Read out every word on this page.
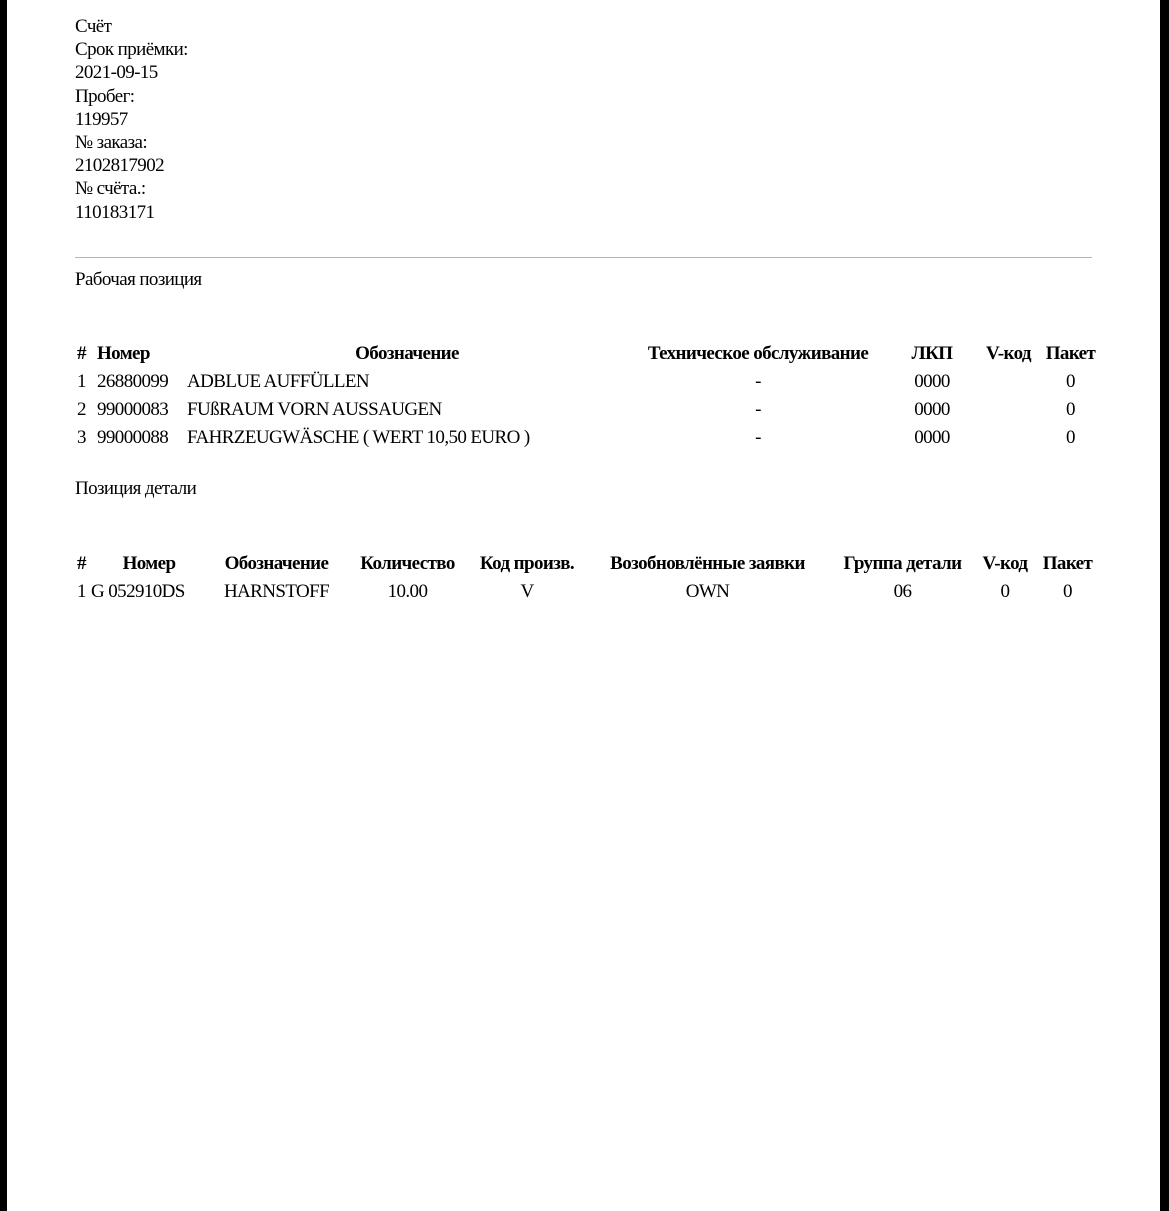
Счёт
Срок приёмки:
2021-09-15
Пробег:
119957
№ заказа:
2102817902
№ счёта.:
110183171
Рабочая позиция
#	Номер	Обозначение	Техническое обслуживание	ЛКП	V-код	Пакет
1	26880099	ADBLUE AUFFÜLLEN	-	0000		0
2	99000083	FUßRAUM VORN AUSSAUGEN	-	0000		0
3	99000088	FAHRZEUGWÄSCHE ( WERT 10,50 EURO )	-	0000		0
Позиция детали
#	Номер	Обозначение	Количество	Код произв.	Возобновлённые заявки	Группа детали	V-код	Пакет
1	G 052910DS	HARNSTOFF	10.00	V	OWN	06	0	0
